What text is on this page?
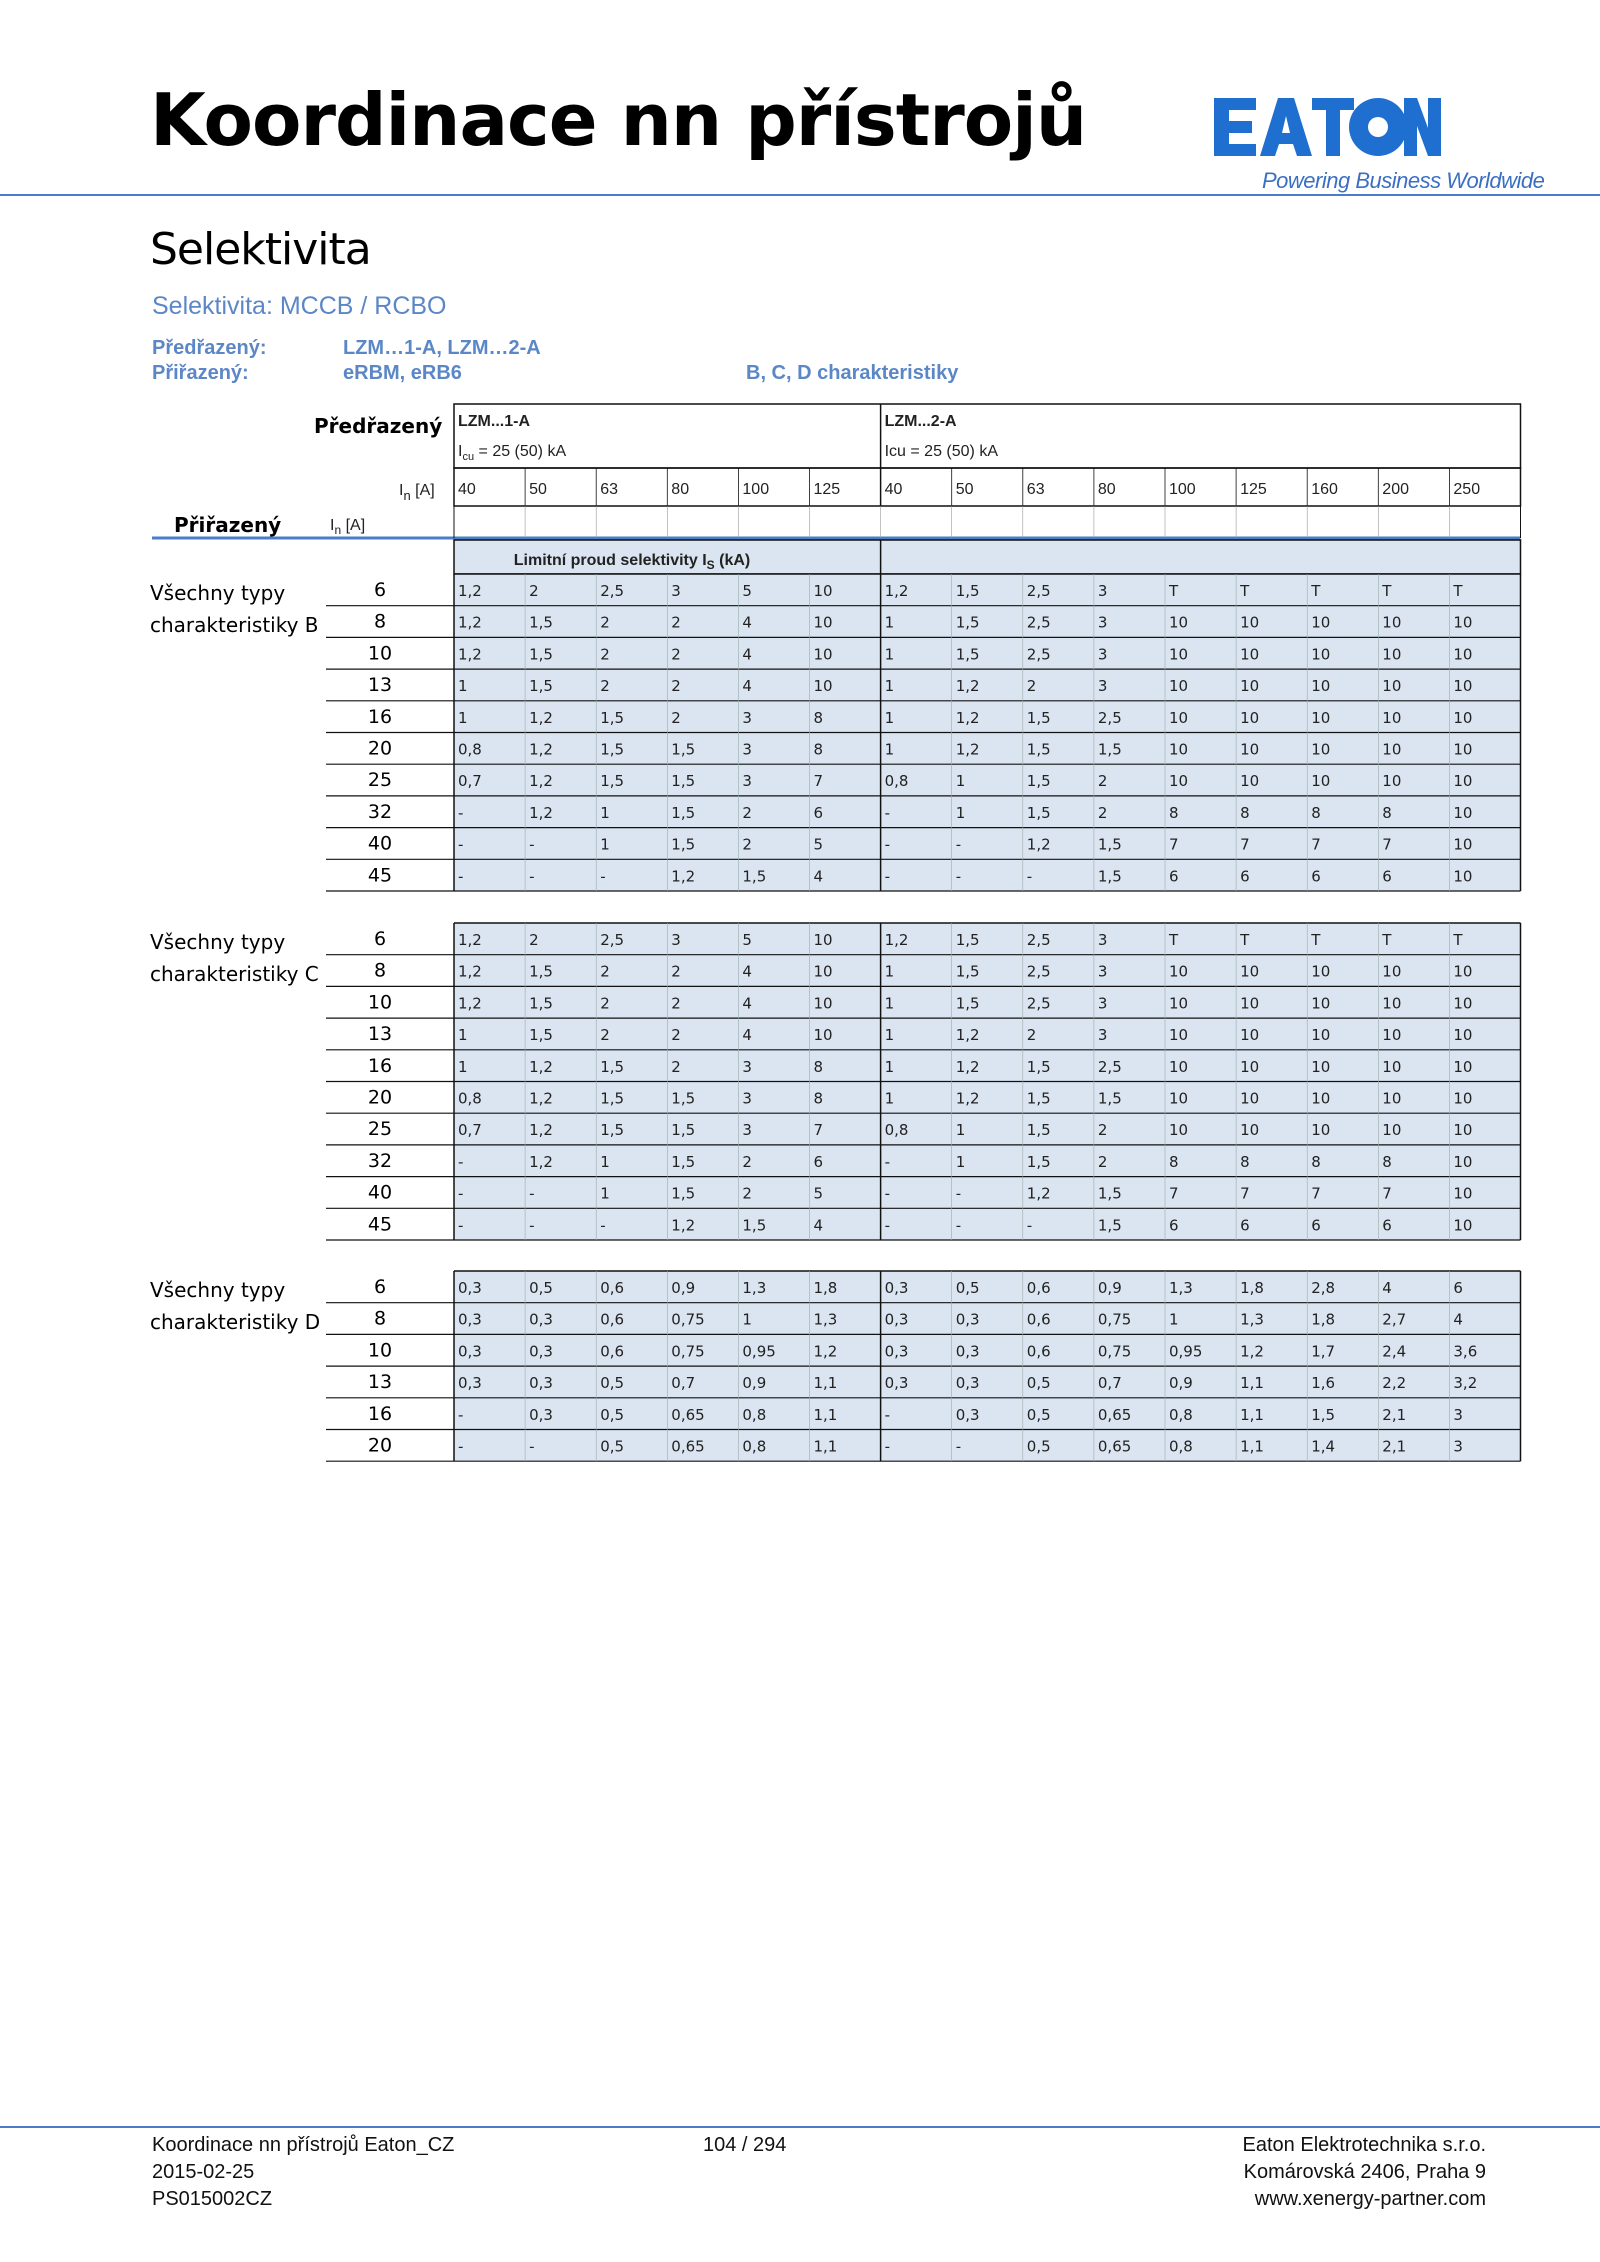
Koordinace nn přístrojů
Powering Business Worldwide
Selektivita
Selektivita: MCCB / RCBO
Předřazený:	LZM…1-A, LZM…2-A
Přiřazený:	eRBM, eRB6	B, C, D charakteristiky
Předřazený LZM...1-A
$I_{cu} = 25$ (50) kA
LZM...2-A
Icu = 25 (50) kA
$I_n$ [A] 40	50	63	80	100	125	40	50	63	80	100	125	160	200	250
Přiřazený	$I_n$ [A]
Limitní proud selektivity $I_S$ (kA)
Všechny typy
charakteristiky B
6	1,2	2	2,5	3	5	10	1,2	1,5	2,5	3	T	T	T	T	T
8	1,2	1,5	2	2	4	10	1	1,5	2,5	3	10	10	10	10	10
10	1,2	1,5	2	2	4	10	1	1,5	2,5	3	10	10	10	10	10
13	1	1,5	2	2	4	10	1	1,2	2	3	10	10	10	10	10
16	1	1,2	1,5	2	3	8	1	1,2	1,5	2,5	10	10	10	10	10
20	0,8	1,2	1,5	1,5	3	8	1	1,2	1,5	1,5	10	10	10	10	10
25	0,7	1,2	1,5	1,5	3	7	0,8	1	1,5	2	10	10	10	10	10
32	-	1,2	1	1,5	2	6	-	1	1,5	2	8	8	8	8	10
40	-	-	1	1,5	2	5	-	-	1,2	1,5	7	7	7	7	10
45	-	-	-	1,2	1,5	4	-	-	-	1,5	6	6	6	6	10
Všechny typy
charakteristiky C
6	1,2	2	2,5	3	5	10	1,2	1,5	2,5	3	T	T	T	T	T
8	1,2	1,5	2	2	4	10	1	1,5	2,5	3	10	10	10	10	10
10	1,2	1,5	2	2	4	10	1	1,5	2,5	3	10	10	10	10	10
13	1	1,5	2	2	4	10	1	1,2	2	3	10	10	10	10	10
16	1	1,2	1,5	2	3	8	1	1,2	1,5	2,5	10	10	10	10	10
20	0,8	1,2	1,5	1,5	3	8	1	1,2	1,5	1,5	10	10	10	10	10
25	0,7	1,2	1,5	1,5	3	7	0,8	1	1,5	2	10	10	10	10	10
32	-	1,2	1	1,5	2	6	-	1	1,5	2	8	8	8	8	10
40	-	-	1	1,5	2	5	-	-	1,2	1,5	7	7	7	7	10
45	-	-	-	1,2	1,5	4	-	-	-	1,5	6	6	6	6	10
Všechny typy
charakteristiky D
6	0,3	0,5	0,6	0,9	1,3	1,8	0,3	0,5	0,6	0,9	1,3	1,8	2,8	4	6
8	0,3	0,3	0,6	0,75	1	1,3	0,3	0,3	0,6	0,75	1	1,3	1,8	2,7	4
10	0,3	0,3	0,6	0,75	0,95	1,2	0,3	0,3	0,6	0,75	0,95	1,2	1,7	2,4	3,6
13	0,3	0,3	0,5	0,7	0,9	1,1	0,3	0,3	0,5	0,7	0,9	1,1	1,6	2,2	3,2
16	-	0,3	0,5	0,65	0,8	1,1	-	0,3	0,5	0,65	0,8	1,1	1,5	2,1	3
20	-	-	0,5	0,65	0,8	1,1	-	-	0,5	0,65	0,8	1,1	1,4	2,1	3
Koordinace nn přístrojů Eaton_CZ
2015-02-25
PS015002CZ
104 / 294	Eaton Elektrotechnika s.r.o.
Komárovská 2406, Praha 9
www.xenergy-partner.com
